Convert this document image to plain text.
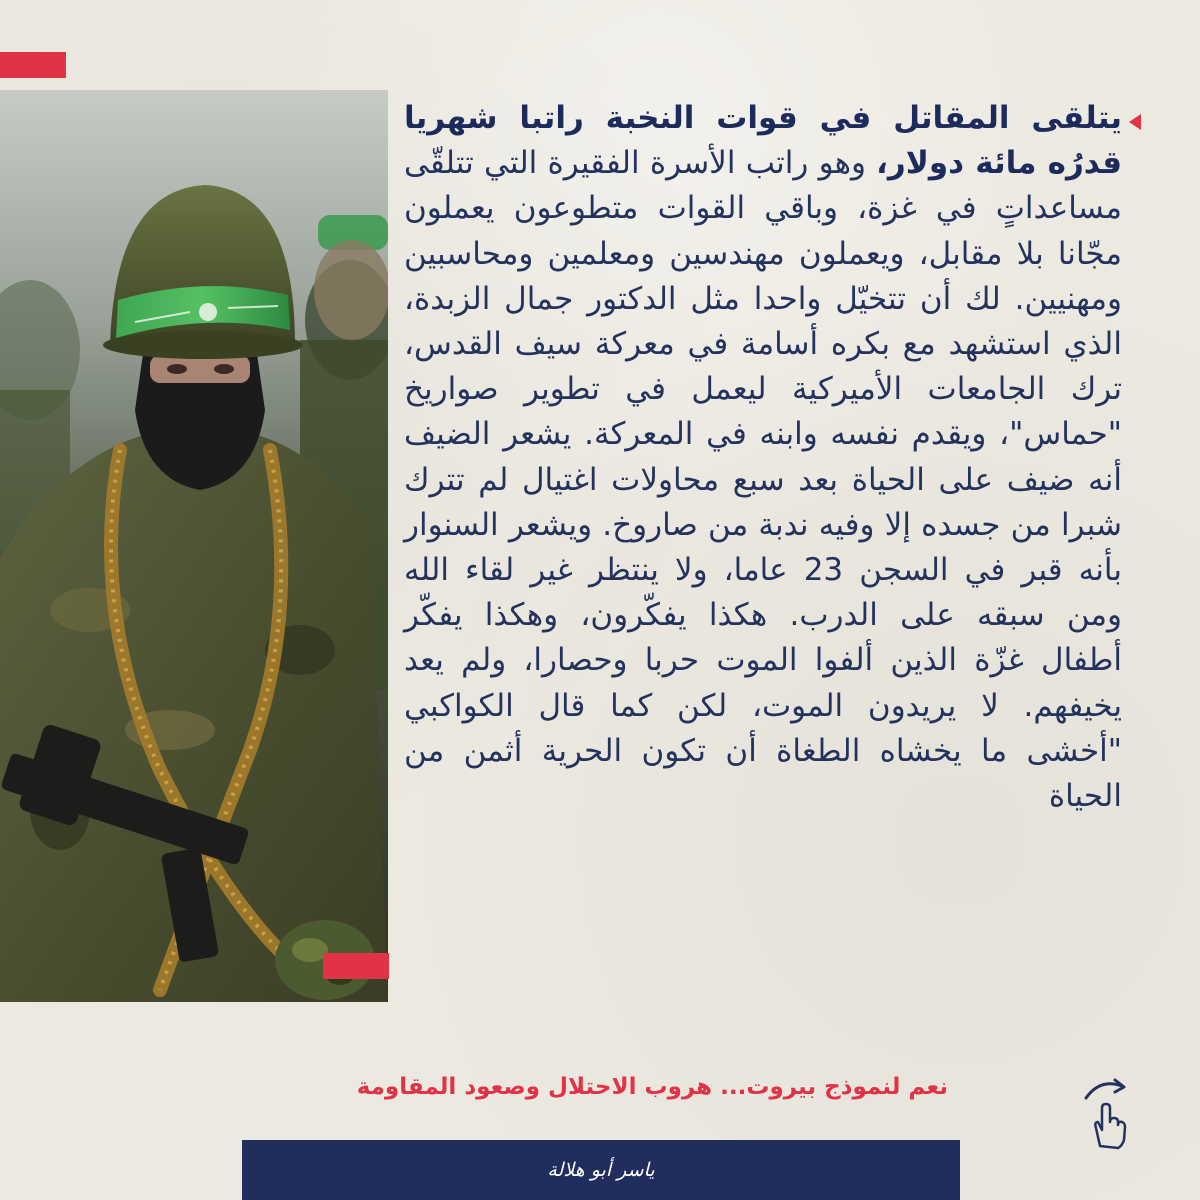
يتلقى المقاتل في قوات النخبة راتبا شهريا قدرُه مائة دولار، وهو راتب الأسرة الفقيرة التي تتلقّى مساعداتٍ في غزة، وباقي القوات متطوعون يعملون مجّانا بلا مقابل، ويعملون مهندسين ومعلمين ومحاسبين ومهنيين. لك أن تتخيّل واحدا مثل الدكتور جمال الزبدة، الذي استشهد مع بكره أسامة في معركة سيف القدس، ترك الجامعات الأميركية ليعمل في تطوير صواريخ "حماس"، ويقدم نفسه وابنه في المعركة. يشعر الضيف أنه ضيف على الحياة بعد سبع محاولات اغتيال لم تترك شبرا من جسده إلا وفيه ندبة من صاروخ. ويشعر السنوار بأنه قبر في السجن 23 عاما، ولا ينتظر غير لقاء الله ومن سبقه على الدرب. هكذا يفكّرون، وهكذا يفكّر أطفال غزّة الذين ألفوا الموت حربا وحصارا، ولم يعد يخيفهم. لا يريدون الموت، لكن كما قال الكواكبي "أخشى ما يخشاه الطغاة أن تكون الحرية أثمن من الحياة
نعم لنموذج بيروت... هروب الاحتلال وصعود المقاومة
ياسر أبو هلالة
